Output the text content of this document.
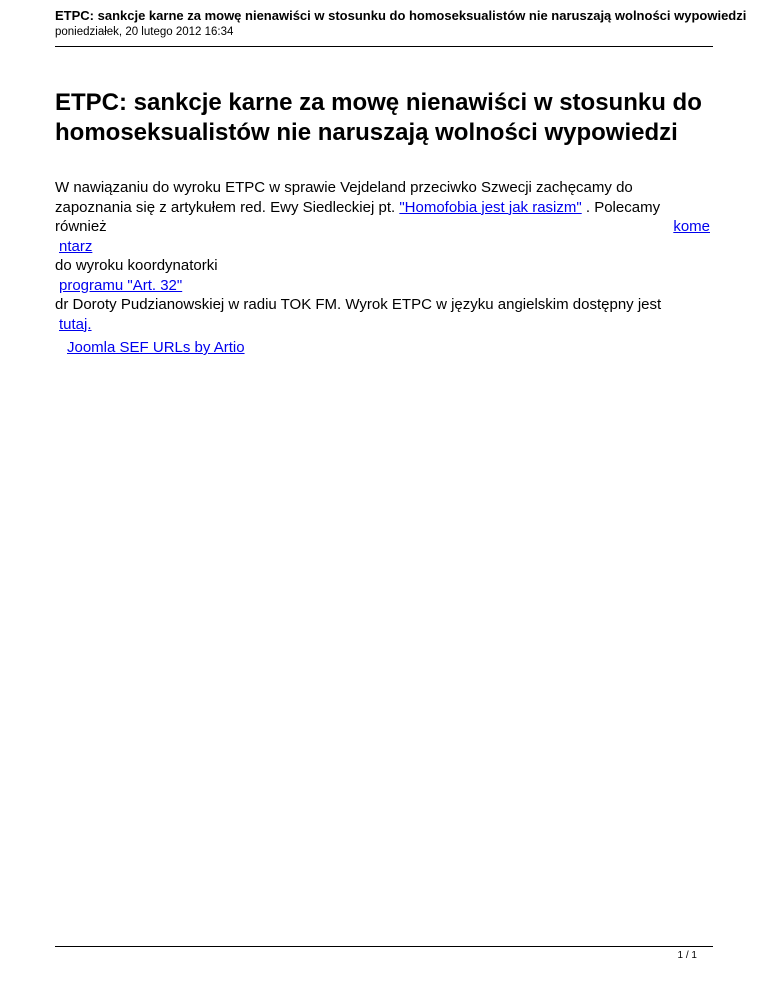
ETPC: sankcje karne za mowę nienawiści w stosunku do homoseksualistów nie naruszają wolności wypowiedzi
poniedziałek, 20 lutego 2012 16:34
ETPC: sankcje karne za mowę nienawiści w stosunku do homoseksualistów nie naruszają wolności wypowiedzi
W nawiązaniu do wyroku ETPC w sprawie Vejdeland przeciwko Szwecji zachęcamy do
zapoznania się z artykułem red. Ewy Siedleckiej pt. "Homofobia jest jak rasizm" . Polecamy
również	kome
ntarz
do wyroku koordynatorki
programu "Art. 32"
dr Doroty Pudzianowskiej w radiu TOK FM. Wyrok ETPC w języku angielskim dostępny jest
tutaj.
Joomla SEF URLs by Artio
1 / 1
